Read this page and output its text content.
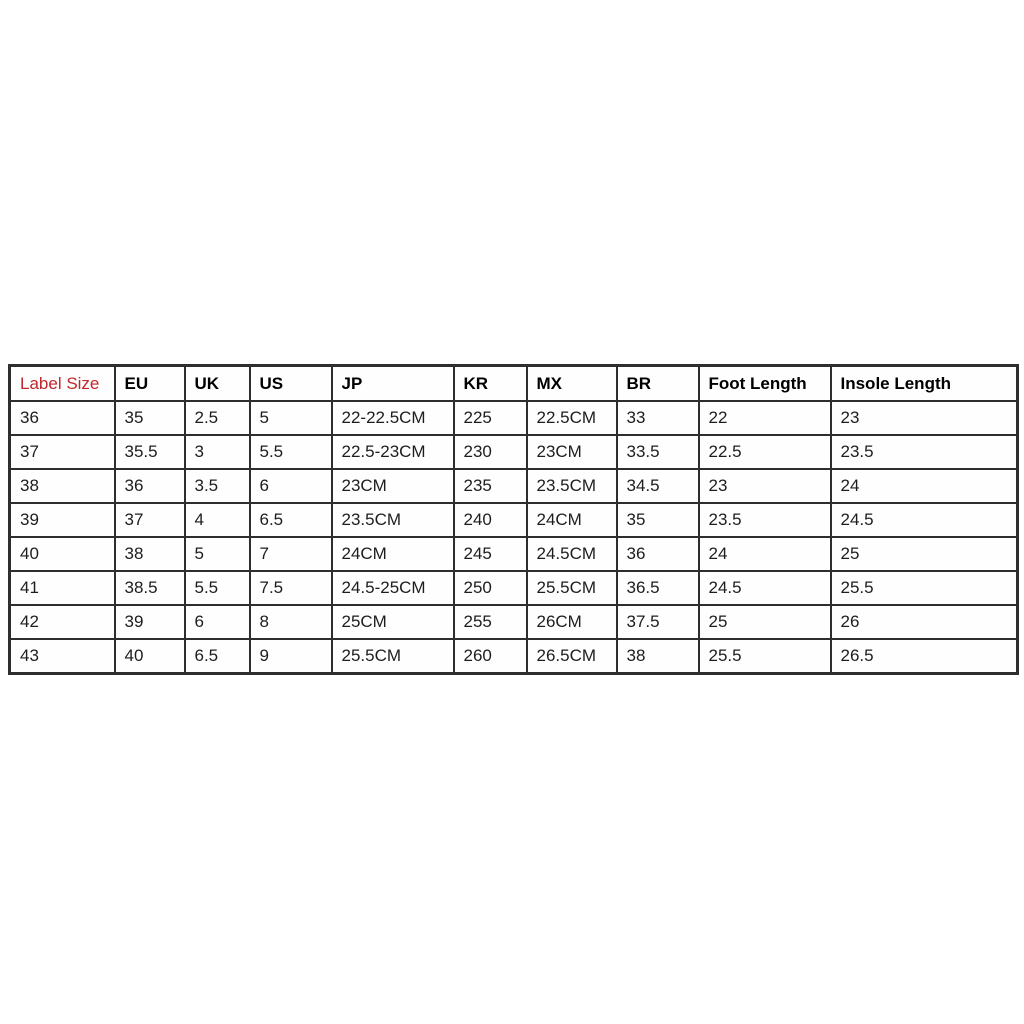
Label Size	EU	UK	US	JP	KR	MX	BR	Foot Length	Insole Length
36	35	2.5	5	22-22.5CM	225	22.5CM	33	22	23
37	35.5	3	5.5	22.5-23CM	230	23CM	33.5	22.5	23.5
38	36	3.5	6	23CM	235	23.5CM	34.5	23	24
39	37	4	6.5	23.5CM	240	24CM	35	23.5	24.5
40	38	5	7	24CM	245	24.5CM	36	24	25
41	38.5	5.5	7.5	24.5-25CM	250	25.5CM	36.5	24.5	25.5
42	39	6	8	25CM	255	26CM	37.5	25	26
43	40	6.5	9	25.5CM	260	26.5CM	38	25.5	26.5
